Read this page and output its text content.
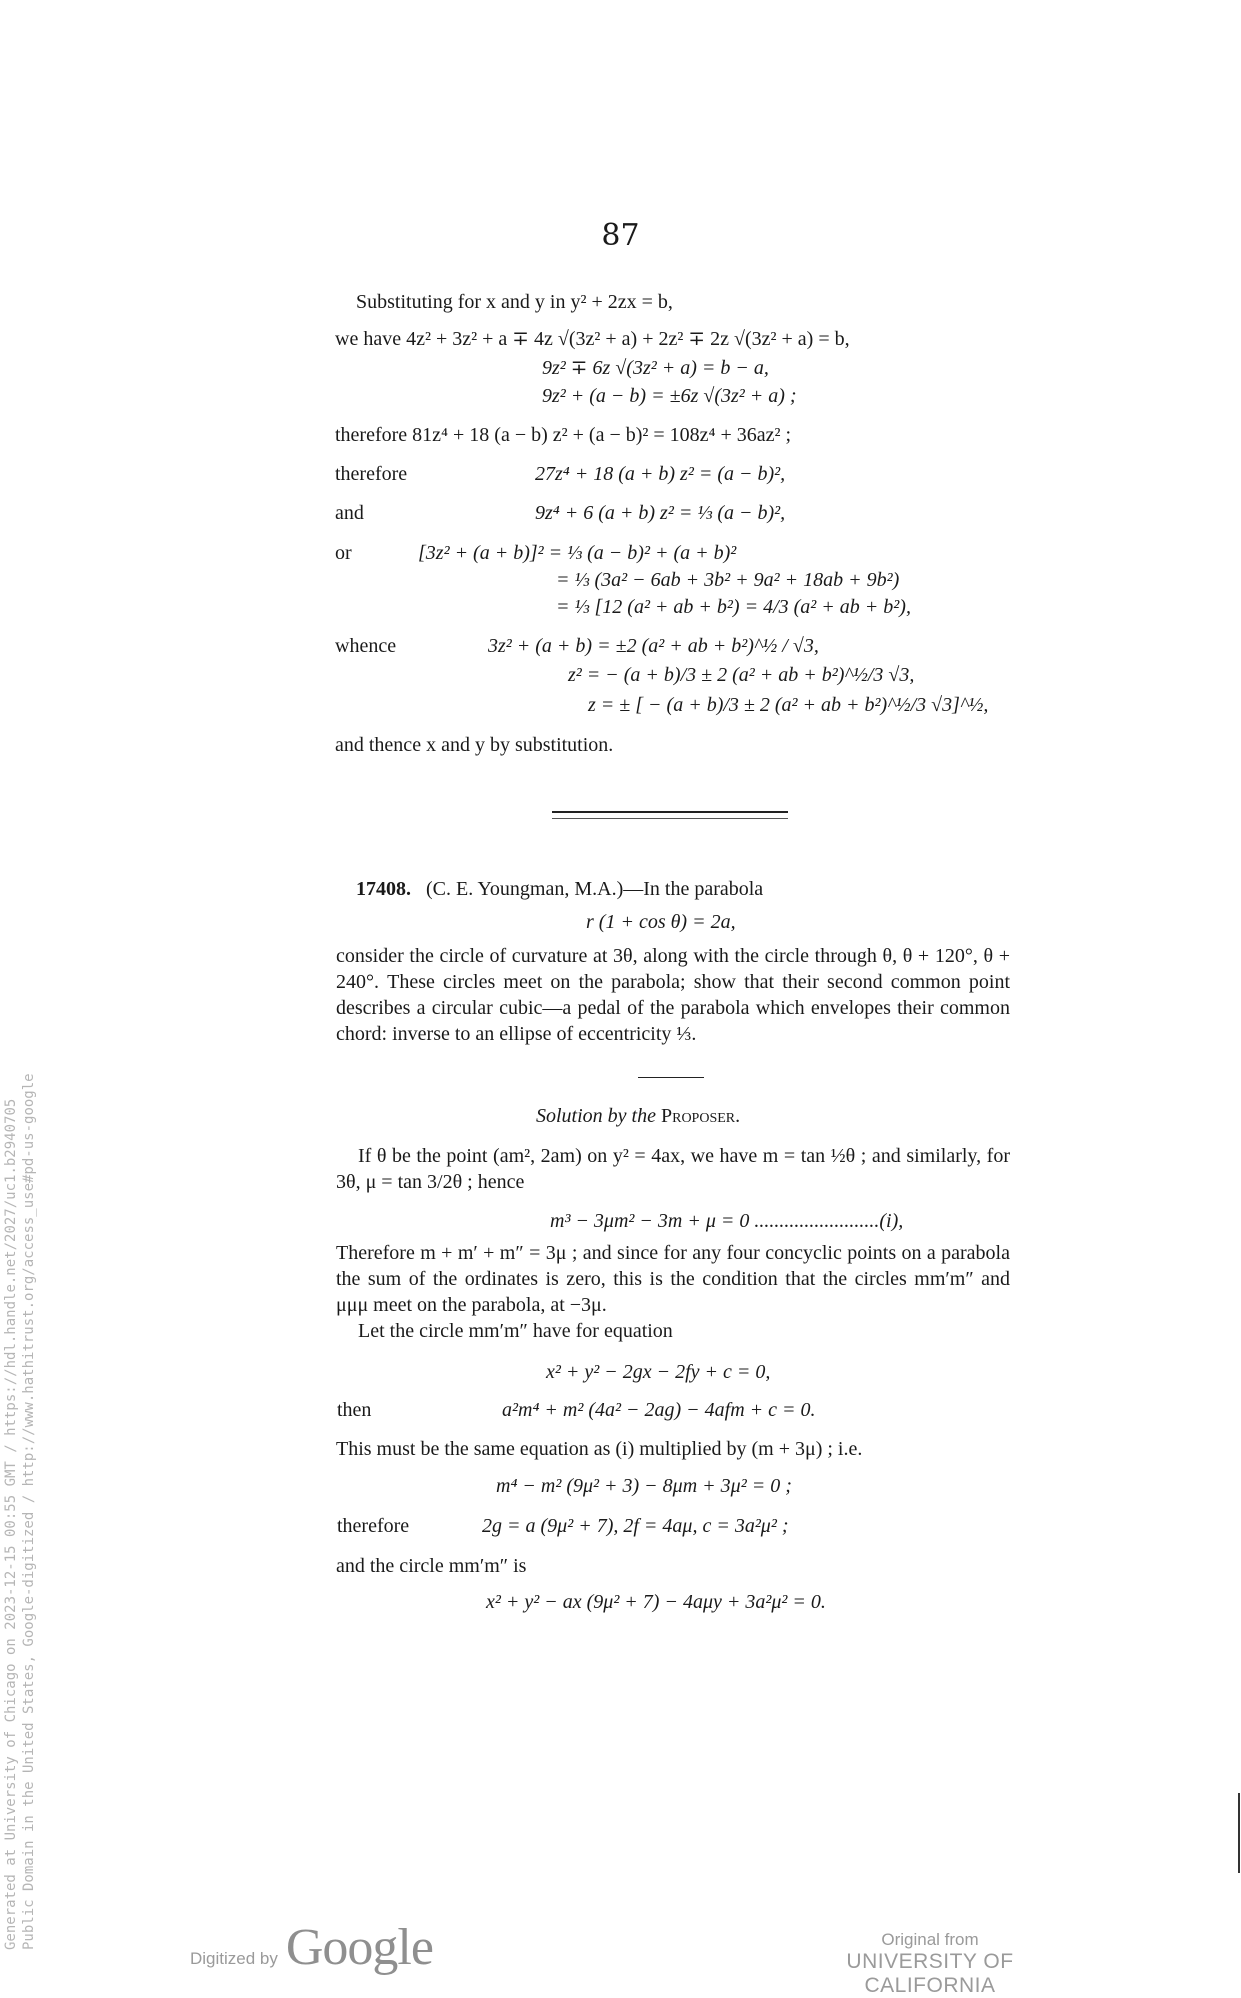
87
Substituting for x and y in y² + 2zx = b,
we have 4z² + 3z² + a ∓ 4z √(3z² + a) + 2z² ∓ 2z √(3z² + a) = b,
9z² ∓ 6z √(3z² + a) = b − a,
9z² + (a − b) = ±6z √(3z² + a) ;
therefore 81z⁴ + 18 (a − b) z² + (a − b)² = 108z⁴ + 36az² ;
therefore	27z⁴ + 18 (a + b) z² = (a − b)²,
and	9z⁴ + 6 (a + b) z² = ⅓ (a − b)²,
or	[3z² + (a + b)]² = ⅓ (a − b)² + (a + b)²
= ⅓ (3a² − 6ab + 3b² + 9a² + 18ab + 9b²)
= ⅓ [12 (a² + ab + b²) = 4/3 (a² + ab + b²),
whence	3z² + (a + b) = ±2 (a² + ab + b²)^½ / √3,
z² = − (a + b)/3 ± 2 (a² + ab + b²)^½/3 √3,
z = ± [ − (a + b)/3 ± 2 (a² + ab + b²)^½/3 √3]^½,
and thence x and y by substitution.
17408. (C. E. Youngman, M.A.)—In the parabola
r (1 + cos θ) = 2a,
consider the circle of curvature at 3θ, along with the circle through θ, θ + 120°, θ + 240°. These circles meet on the parabola; show that their second common point describes a circular cubic—a pedal of the parabola which envelopes their common chord: inverse to an ellipse of eccentricity ⅓.
Solution by the Proposer.
If θ be the point (am², 2am) on y² = 4ax, we have m = tan ½θ ; and similarly, for 3θ, μ = tan 3/2θ ; hence
m³ − 3μm² − 3m + μ = 0 .........................(i),
Therefore m + m′ + m″ = 3μ ; and since for any four concyclic points on a parabola the sum of the ordinates is zero, this is the condition that the circles mm′m″ and μμμ meet on the parabola, at −3μ.
Let the circle mm′m″ have for equation
x² + y² − 2gx − 2fy + c = 0,
then	a²m⁴ + m² (4a² − 2ag) − 4afm + c = 0.
This must be the same equation as (i) multiplied by (m + 3μ) ; i.e.
m⁴ − m² (9μ² + 3) − 8μm + 3μ² = 0 ;
therefore	2g = a (9μ² + 7), 2f = 4aμ, c = 3a²μ² ;
and the circle mm′m″ is
x² + y² − ax (9μ² + 7) − 4aμy + 3a²μ² = 0.
Generated at University of Chicago on 2023-12-15 00:55 GMT / https://hdl.handle.net/2027/uc1.b2940705 Public Domain in the United States, Google-digitized / http://www.hathitrust.org/access_use#pd-us-google
Digitized by Google	Original from
UNIVERSITY OF CALIFORNIA
